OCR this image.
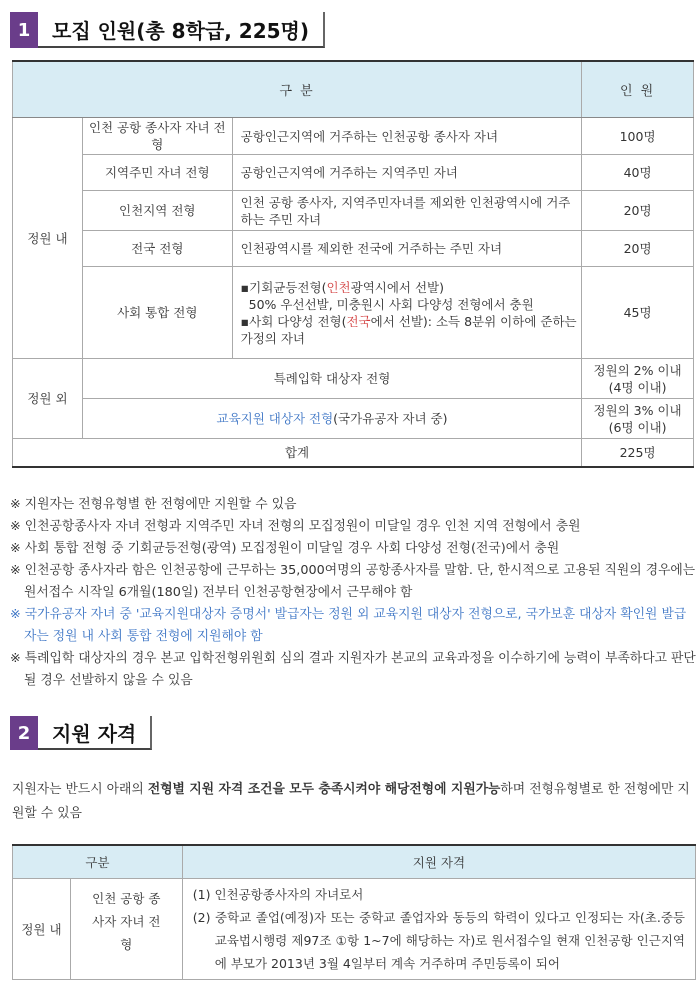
1	모집 인원(총 8학급, 225명)
구 분			인 원
정원 내	인천 공항 종사자 자녀 전형	공항인근지역에 거주하는 인천공항 종사자 자녀	100명
	지역주민 자녀 전형	공항인근지역에 거주하는 지역주민 자녀	40명
	인천지역 전형	인천 공항 종사자, 지역주민자녀를 제외한 인천광역시에 거주하는 주민 자녀	20명
	전국 전형	인천광역시를 제외한 전국에 거주하는 주민 자녀	20명
	사회 통합 전형	▪기회균등전형(인천광역시에서 선발)
50% 우선선발, 미충원시 사회 다양성 전형에서 충원
▪사회 다양성 전형(전국에서 선발): 소득 8분위 이하에 준하는 가정의 자녀	45명
정원 외	특례입학 대상자 전형		정원의 2% 이내
(4명 이내)

	교육지원 대상자 전형(국가유공자 자녀 중)		정원의 3% 이내
(6명 이내)

합계			225명
※ 지원자는 전형유형별 한 전형에만 지원할 수 있음
※ 인천공항종사자 자녀 전형과 지역주민 자녀 전형의 모집정원이 미달일 경우 인천 지역 전형에서 충원
※ 사회 통합 전형 중 기회균등전형(광역) 모집정원이 미달일 경우 사회 다양성 전형(전국)에서 충원
※ 인천공항 종사자라 함은 인천공항에 근무하는 35,000여명의 공항종사자를 말함. 단, 한시적으로 고용된 직원의 경우에는 원서접수 시작일 6개월(180일) 전부터 인천공항현장에서 근무해야 함
※ 국가유공자 자녀 중 '교육지원대상자 증명서' 발급자는 정원 외 교육지원 대상자 전형으로, 국가보훈 대상자 확인원 발급자는 정원 내 사회 통합 전형에 지원해야 함
※ 특례입학 대상자의 경우 본교 입학전형위원회 심의 결과 지원자가 본교의 교육과정을 이수하기에 능력이 부족하다고 판단될 경우 선발하지 않을 수 있음
2	지원 자격
지원자는 반드시 아래의 전형별 지원 자격 조건을 모두 충족시켜야 해당전형에 지원가능하며 전형유형별로 한 전형에만 지원할 수 있음
구분		지원 자격
정원 내	인천 공항 종사자 자녀 전형	(1) 인천공항종사자의 자녀로서
(2) 중학교 졸업(예정)자 또는 중학교 졸업자와 동등의 학력이 있다고 인정되는 자(초.중등교육법시행령 제97조 ①항 1~7에 해당하는 자)로 원서접수일 현재 인천공항 인근지역에 부모가 2013년 3월 4일부터 계속 거주하며 주민등록이 되어
